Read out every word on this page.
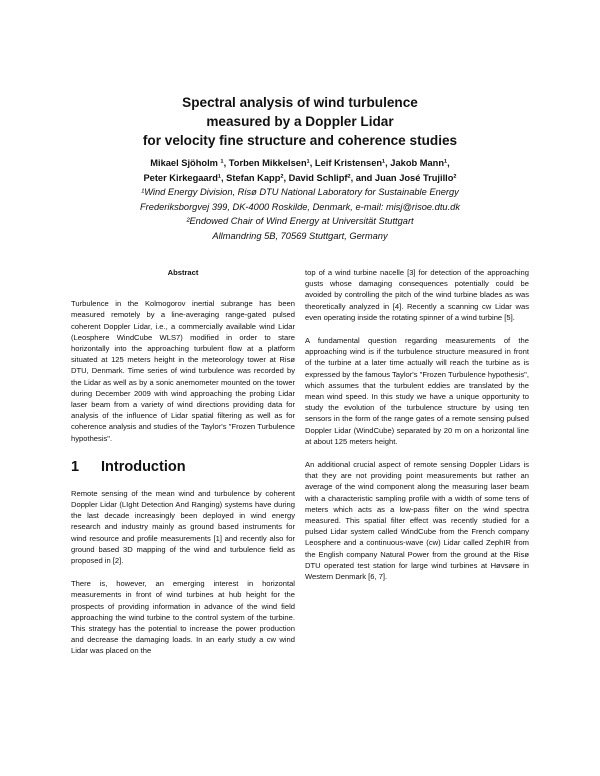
Spectral analysis of wind turbulence
measured by a Doppler Lidar
for velocity fine structure and coherence studies
Mikael Sjöholm ¹, Torben Mikkelsen¹, Leif Kristensen¹, Jakob Mann¹,
Peter Kirkegaard¹, Stefan Kapp², David Schlipf², and Juan José Trujillo²
¹Wind Energy Division, Risø DTU National Laboratory for Sustainable Energy
Frederiksborgvej 399, DK-4000 Roskilde, Denmark, e-mail: misj@risoe.dtu.dk
²Endowed Chair of Wind Energy at Universität Stuttgart
Allmandring 5B, 70569 Stuttgart, Germany
Abstract

Turbulence in the Kolmogorov inertial subrange has been measured remotely by a line-averaging range-gated pulsed coherent Doppler Lidar, i.e., a commercially available wind Lidar (Leosphere WindCube WLS7) modified in order to stare horizontally into the approaching turbulent flow at a platform situated at 125 meters height in the meteorology tower at Risø DTU, Denmark. Time series of wind turbulence was recorded by the Lidar as well as by a sonic anemometer mounted on the tower during December 2009 with wind approaching the probing Lidar laser beam from a variety of wind directions providing data for analysis of the influence of Lidar spatial filtering as well as for coherence analysis and studies of the Taylor's "Frozen Turbulence hypothesis".

1 Introduction

Remote sensing of the mean wind and turbulence by coherent Doppler Lidar (LIght Detection And Ranging) systems have during the last decade increasingly been deployed in wind energy research and industry mainly as ground based instruments for wind resource and profile measurements [1] and recently also for ground based 3D mapping of the wind and turbulence field as proposed in [2].

There is, however, an emerging interest in horizontal measurements in front of wind turbines at hub height for the prospects of providing information in advance of the wind field approaching the wind turbine to the control system of the turbine. This strategy has the potential to increase the power production and decrease the damaging loads. In an early study a cw wind Lidar was placed on the

top of a wind turbine nacelle [3] for detection of the approaching gusts whose damaging consequences potentially could be avoided by controlling the pitch of the wind turbine blades as was theoretically analyzed in [4]. Recently a scanning cw Lidar was even operating inside the rotating spinner of a wind turbine [5].

A fundamental question regarding measurements of the approaching wind is if the turbulence structure measured in front of the turbine at a later time actually will reach the turbine as is expressed by the famous Taylor's "Frozen Turbulence hypothesis", which assumes that the turbulent eddies are translated by the mean wind speed. In this study we have a unique opportunity to study the evolution of the turbulence structure by using ten sensors in the form of the range gates of a remote sensing pulsed Doppler Lidar (WindCube) separated by 20 m on a horizontal line at about 125 meters height.

An additional crucial aspect of remote sensing Doppler Lidars is that they are not providing point measurements but rather an average of the wind component along the measuring laser beam with a characteristic sampling profile with a width of some tens of meters which acts as a low-pass filter on the wind spectra measured. This spatial filter effect was recently studied for a pulsed Lidar system called WindCube from the French company Leosphere and a continuous-wave (cw) Lidar called ZephIR from the English company Natural Power from the ground at the Risø DTU operated test station for large wind turbines at Høvsøre in Western Denmark [6, 7].
